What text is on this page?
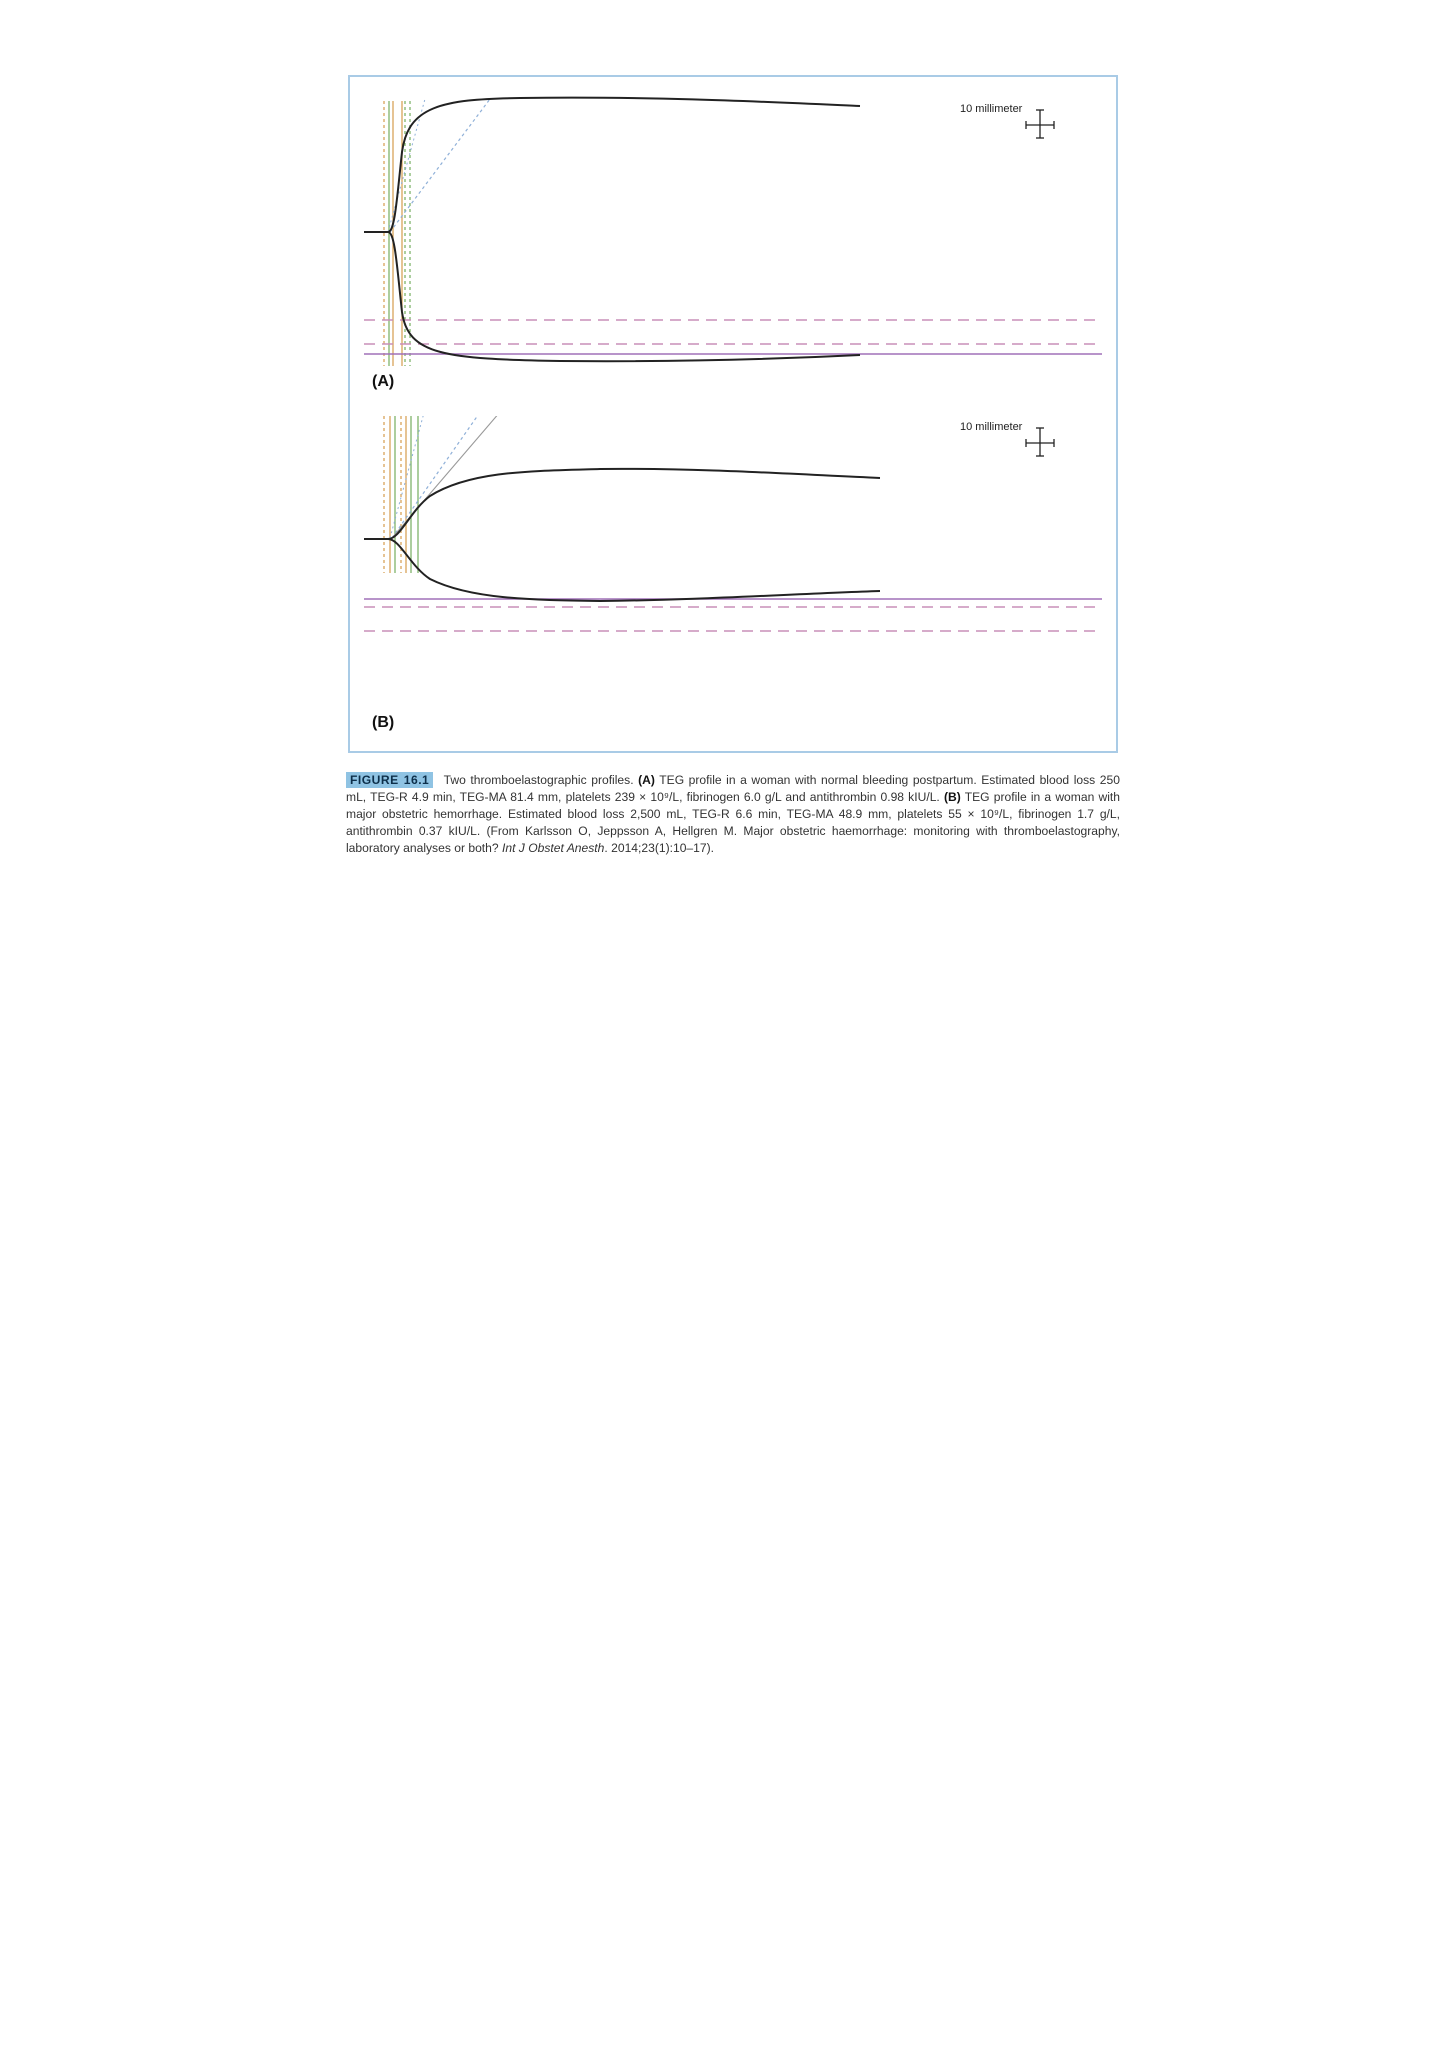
10 millimeter
(A)
10 millimeter
(B)
FIGURE 16.1 Two thromboelastographic profiles. (A) TEG profile in a woman with normal bleeding postpartum. Estimated blood loss 250 mL, TEG-R 4.9 min, TEG-MA 81.4 mm, platelets 239 × 10⁹/L, fibrinogen 6.0 g/L and antithrombin 0.98 kIU/L. (B) TEG profile in a woman with major obstetric hemorrhage. Estimated blood loss 2,500 mL, TEG-R 6.6 min, TEG-MA 48.9 mm, platelets 55 × 10⁹/L, fibrinogen 1.7 g/L, antithrombin 0.37 kIU/L. (From Karlsson O, Jeppsson A, Hellgren M. Major obstetric haemorrhage: monitoring with thromboelastography, laboratory analyses or both? Int J Obstet Anesth. 2014;23(1):10–17).
